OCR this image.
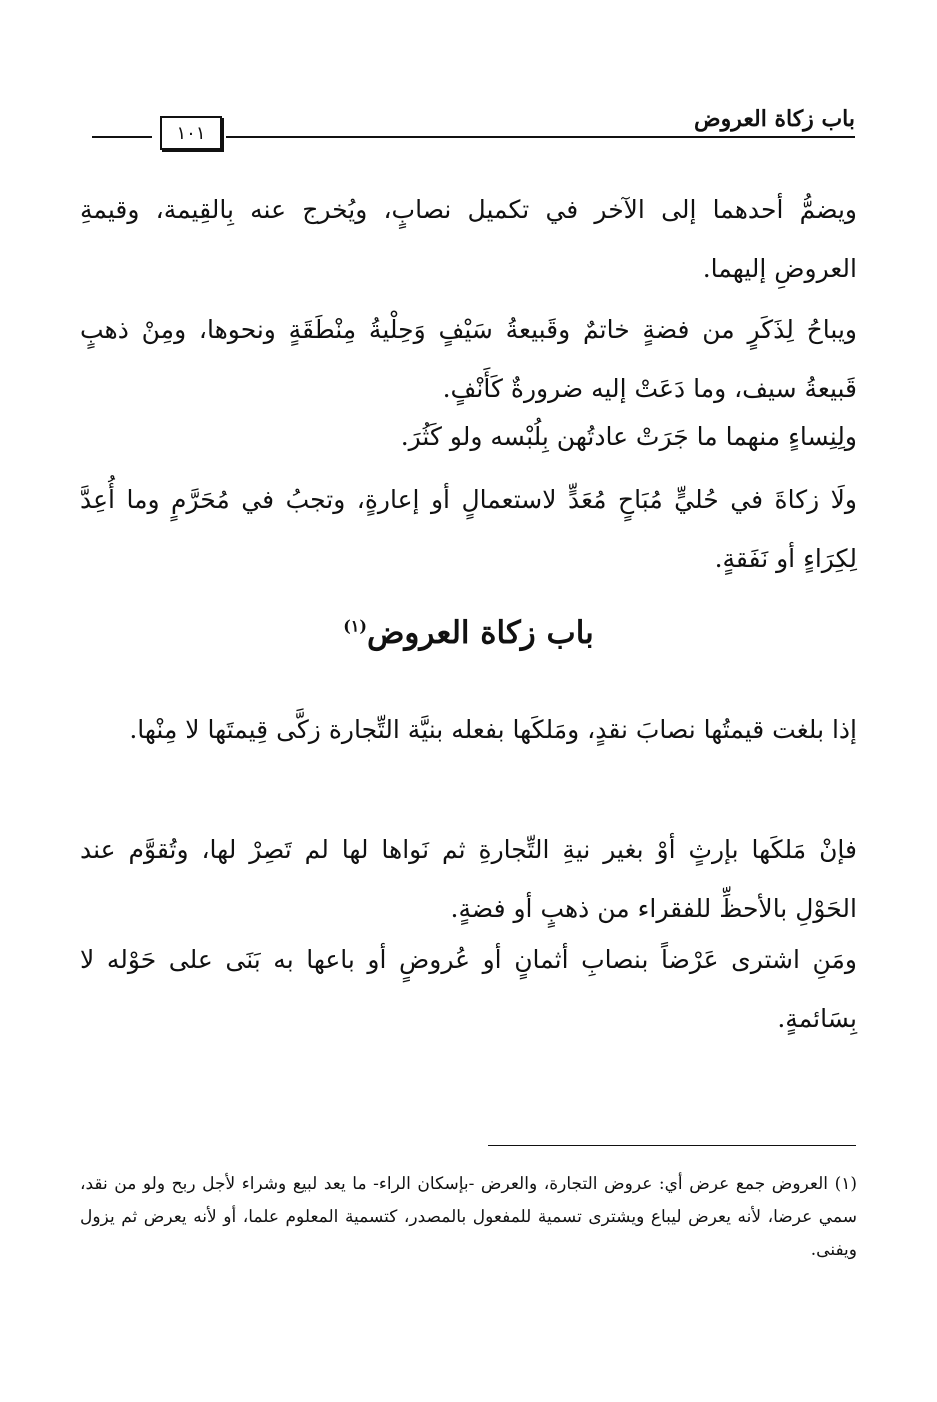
باب زكاة العروض
١٠١
ويضمُّ أحدهما إلى الآخر في تكميل نصابٍ، ويُخرج عنه بِالقِيمة، وقيمةِ العروضِ إليهما.
ويباحُ لِذَكَرٍ من فضةٍ خاتمٌ وقَبيعةُ سَيْفٍ وَحِلْيةُ مِنْطَقَةٍ ونحوها، ومِنْ ذهبٍ قَبيعةُ سيف، وما دَعَتْ إليه ضرورةٌ كَأَنْفٍ.
ولِنِساءٍ منهما ما جَرَتْ عادتُهن بِلُبْسه ولو كَثُرَ.
ولَا زكاةَ في حُليٍّ مُبَاحٍ مُعَدٍّ لاستعمالٍ أو إعارةٍ، وتجبُ في مُحَرَّمٍ وما أُعِدَّ لِكِرَاءٍ أو نَفَقةٍ.
باب زكاة العروض$^{(١)}$
إذا بلغت قيمتُها نصابَ نقدٍ، ومَلكَها بفعله بنيَّة التِّجارة زكَّى قِيمتَها لا مِنْها.
فإنْ مَلكَها بإرثٍ أوْ بغير نيةِ التِّجارةِ ثم نَواها لها لم تَصِرْ لها، وتُقوَّم عند الحَوْلِ بالأحظِّ للفقراء من ذهبٍ أو فضةٍ.
ومَنِ اشترى عَرْضاً بنصابِ أثمانٍ أو عُروضٍ أو باعها به بَنَى على حَوْله لا بِسَائمةٍ.
(١) العروض جمع عرض أي: عروض التجارة، والعرض -بإسكان الراء- ما يعد لبيع وشراء لأجل ربح ولو من نقد، سمي عرضا، لأنه يعرض ليباع ويشترى تسمية للمفعول بالمصدر، كتسمية المعلوم علما، أو لأنه يعرض ثم يزول ويفنى.
